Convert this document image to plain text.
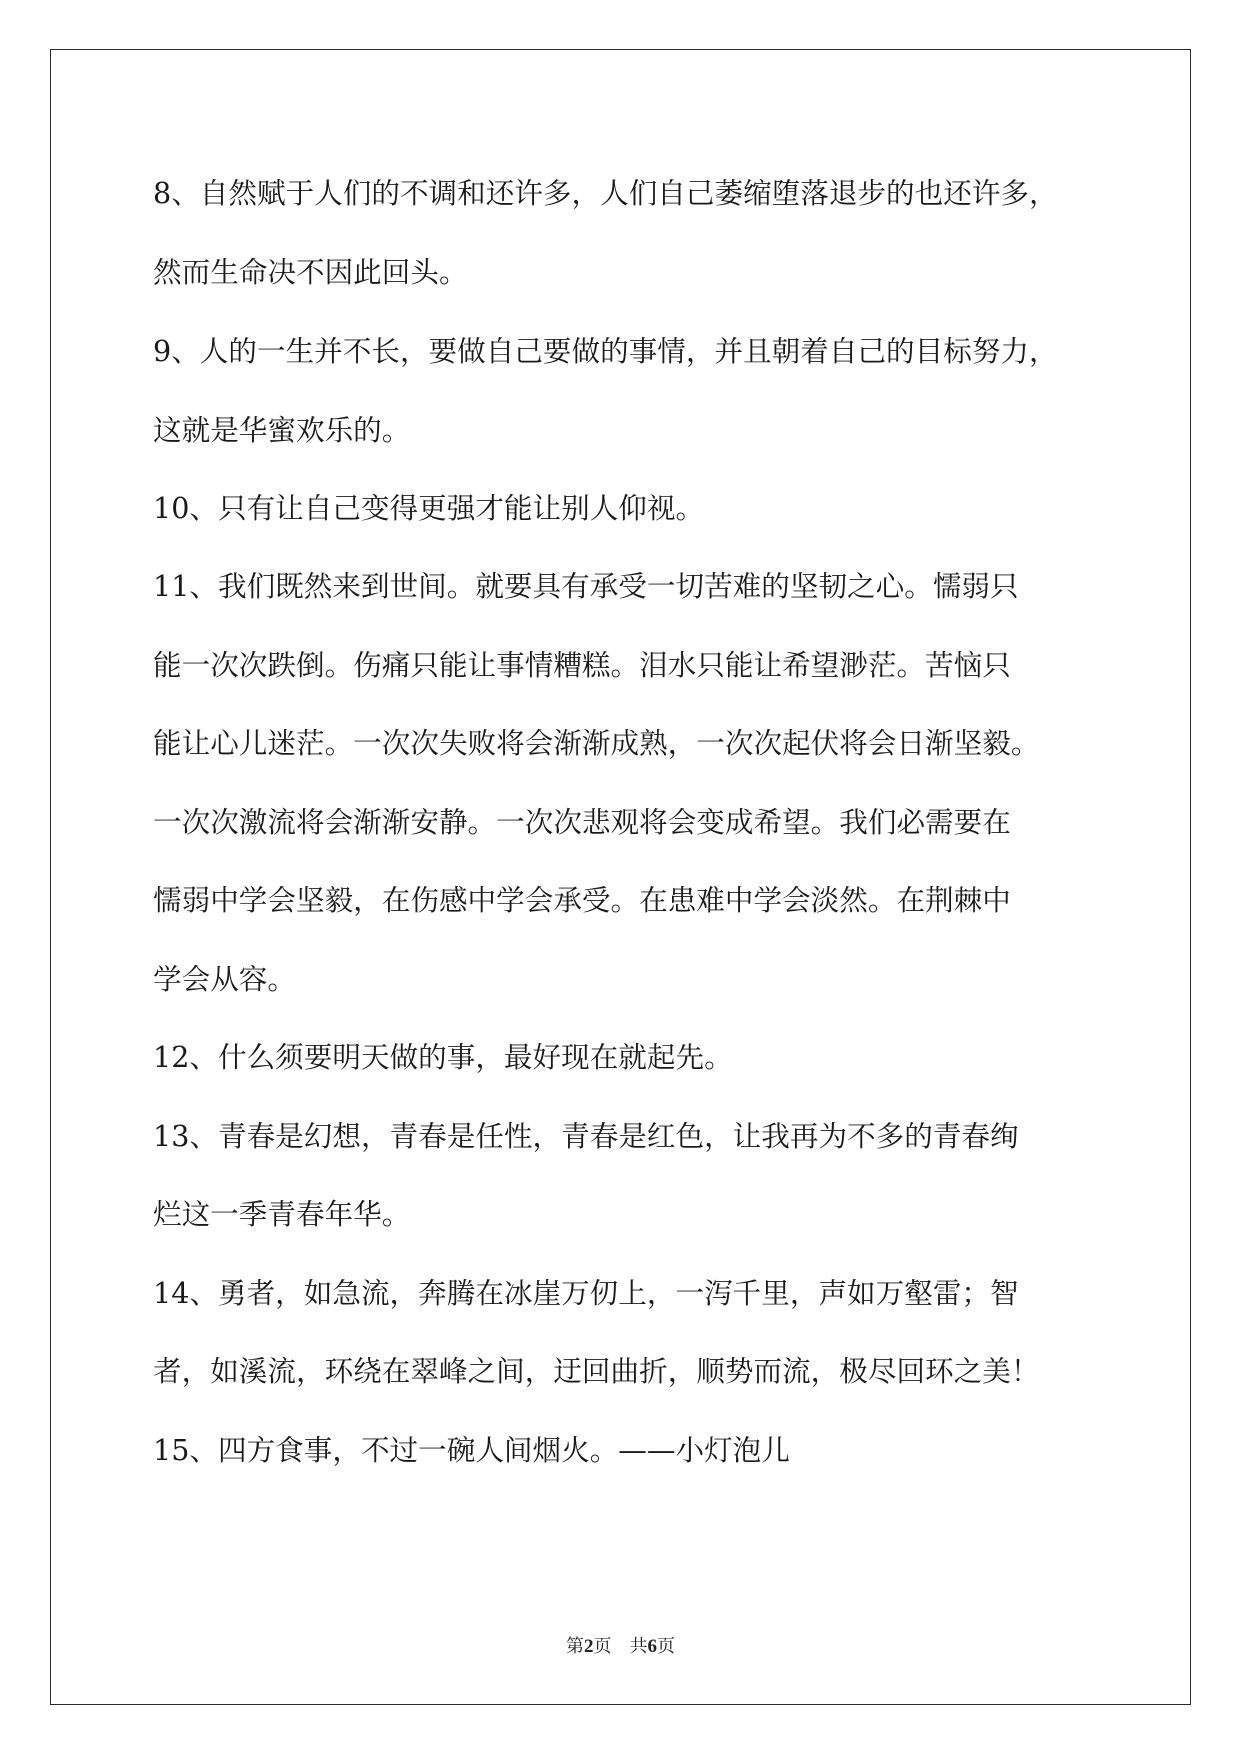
8、自然赋于人们的不调和还许多，人们自己萎缩堕落退步的也还许多，

然而生命决不因此回头。

9、人的一生并不长，要做自己要做的事情，并且朝着自己的目标努力，

这就是华蜜欢乐的。

10、只有让自己变得更强才能让别人仰视。

11、我们既然来到世间。就要具有承受一切苦难的坚韧之心。懦弱只

能一次次跌倒。伤痛只能让事情糟糕。泪水只能让希望渺茫。苦恼只

能让心儿迷茫。一次次失败将会渐渐成熟，一次次起伏将会日渐坚毅。

一次次激流将会渐渐安静。一次次悲观将会变成希望。我们必需要在

懦弱中学会坚毅，在伤感中学会承受。在患难中学会淡然。在荆棘中

学会从容。

12、什么须要明天做的事，最好现在就起先。

13、青春是幻想，青春是任性，青春是红色，让我再为不多的青春绚

烂这一季青春年华。

14、勇者，如急流，奔腾在冰崖万仞上，一泻千里，声如万壑雷；智

者，如溪流，环绕在翠峰之间，迂回曲折，顺势而流，极尽回环之美！

15、四方食事，不过一碗人间烟火。——小灯泡儿

第2页　共6页
